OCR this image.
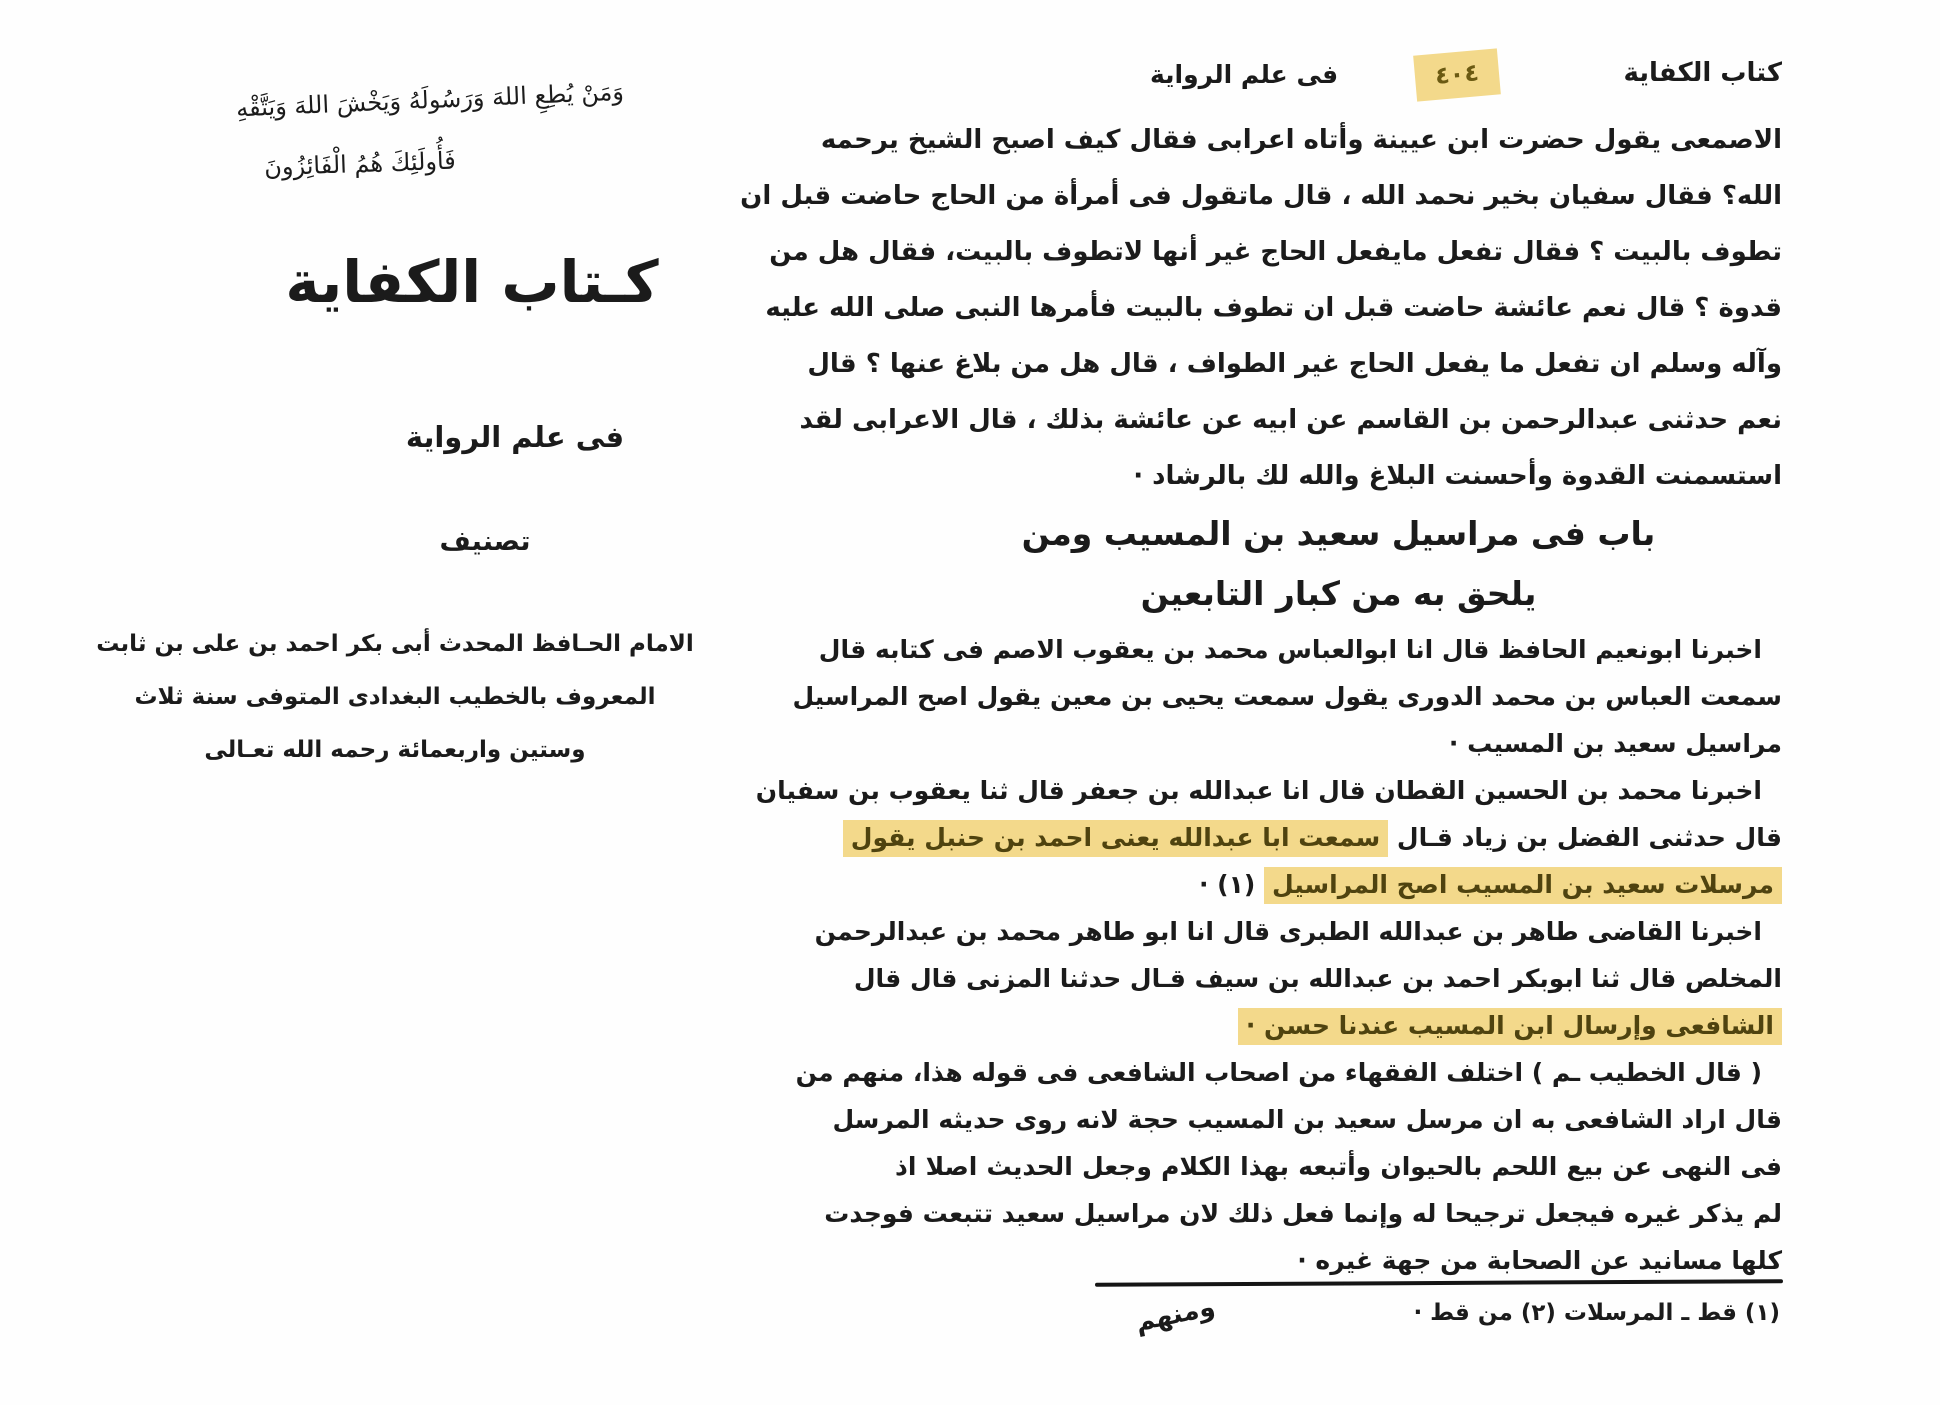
وَمَنْ يُطِعِ اللهَ وَرَسُولَهُ وَيَخْشَ اللهَ وَيَتَّقْهِ
فَأُولَئِكَ هُمُ الْفَائِزُونَ
كـتاب الكفاية
فى علم الرواية
تصنيف
الامام الحـافظ المحدث أبى بكر احمد بن على بن ثابت
المعروف بالخطيب البغدادى المتوفى سنة ثلاث
وستين واربعمائة رحمه الله تعـالى
كتاب الكفاية
٤٠٤
فى علم الرواية
الاصمعى يقول حضرت ابن عيينة وأتاه اعرابى فقال كيف اصبح الشيخ يرحمه
الله؟ فقال سفيان بخير نحمد الله ، قال ماتقول فى أمرأة من الحاج حاضت قبل ان
تطوف بالبيت ؟ فقال تفعل مايفعل الحاج غير أنها لاتطوف بالبيت، فقال هل من
قدوة ؟ قال نعم عائشة حاضت قبل ان تطوف بالبيت فأمرها النبى صلى الله عليه
وآله وسلم ان تفعل ما يفعل الحاج غير الطواف ، قال هل من بلاغ عنها ؟ قال
نعم حدثنى عبدالرحمن بن القاسم عن ابيه عن عائشة بذلك ، قال الاعرابى لقد
استسمنت القدوة وأحسنت البلاغ والله لك بالرشاد ·
باب فى مراسيل سعيد بن المسيب ومن
يلحق به من كبار التابعين
اخبرنا ابونعيم الحافظ قال انا ابوالعباس محمد بن يعقوب الاصم فى كتابه قال
سمعت العباس بن محمد الدورى يقول سمعت يحيى بن معين يقول اصح المراسيل
مراسيل سعيد بن المسيب ·
اخبرنا محمد بن الحسين القطان قال انا عبدالله بن جعفر قال ثنا يعقوب بن سفيان
قال حدثنى الفضل بن زياد قـال سمعت ابا عبدالله يعنى احمد بن حنبل يقول
مرسلات سعيد بن المسيب اصح المراسيل (١) ·
اخبرنا القاضى طاهر بن عبدالله الطبرى قال انا ابو طاهر محمد بن عبدالرحمن
المخلص قال ثنا ابوبكر احمد بن عبدالله بن سيف قـال حدثنا المزنى قال قال
الشافعى وإرسال ابن المسيب عندنا حسن ·
( قال الخطيب ـم ) اختلف الفقهاء من اصحاب الشافعى فى قوله هذا، منهم من
قال اراد الشافعى به ان مرسل سعيد بن المسيب حجة لانه روى حديثه المرسل
فى النهى عن بيع اللحم بالحيوان وأتبعه بهذا الكلام وجعل الحديث اصلا اذ
لم يذكر غيره فيجعل ترجيحا له وإنما فعل ذلك لان مراسيل سعيد تتبعت فوجدت
كلها مسانيد عن الصحابة من جهة غيره ·
(١) قط ـ المرسلات (٢) من قط ·
ومنهم
